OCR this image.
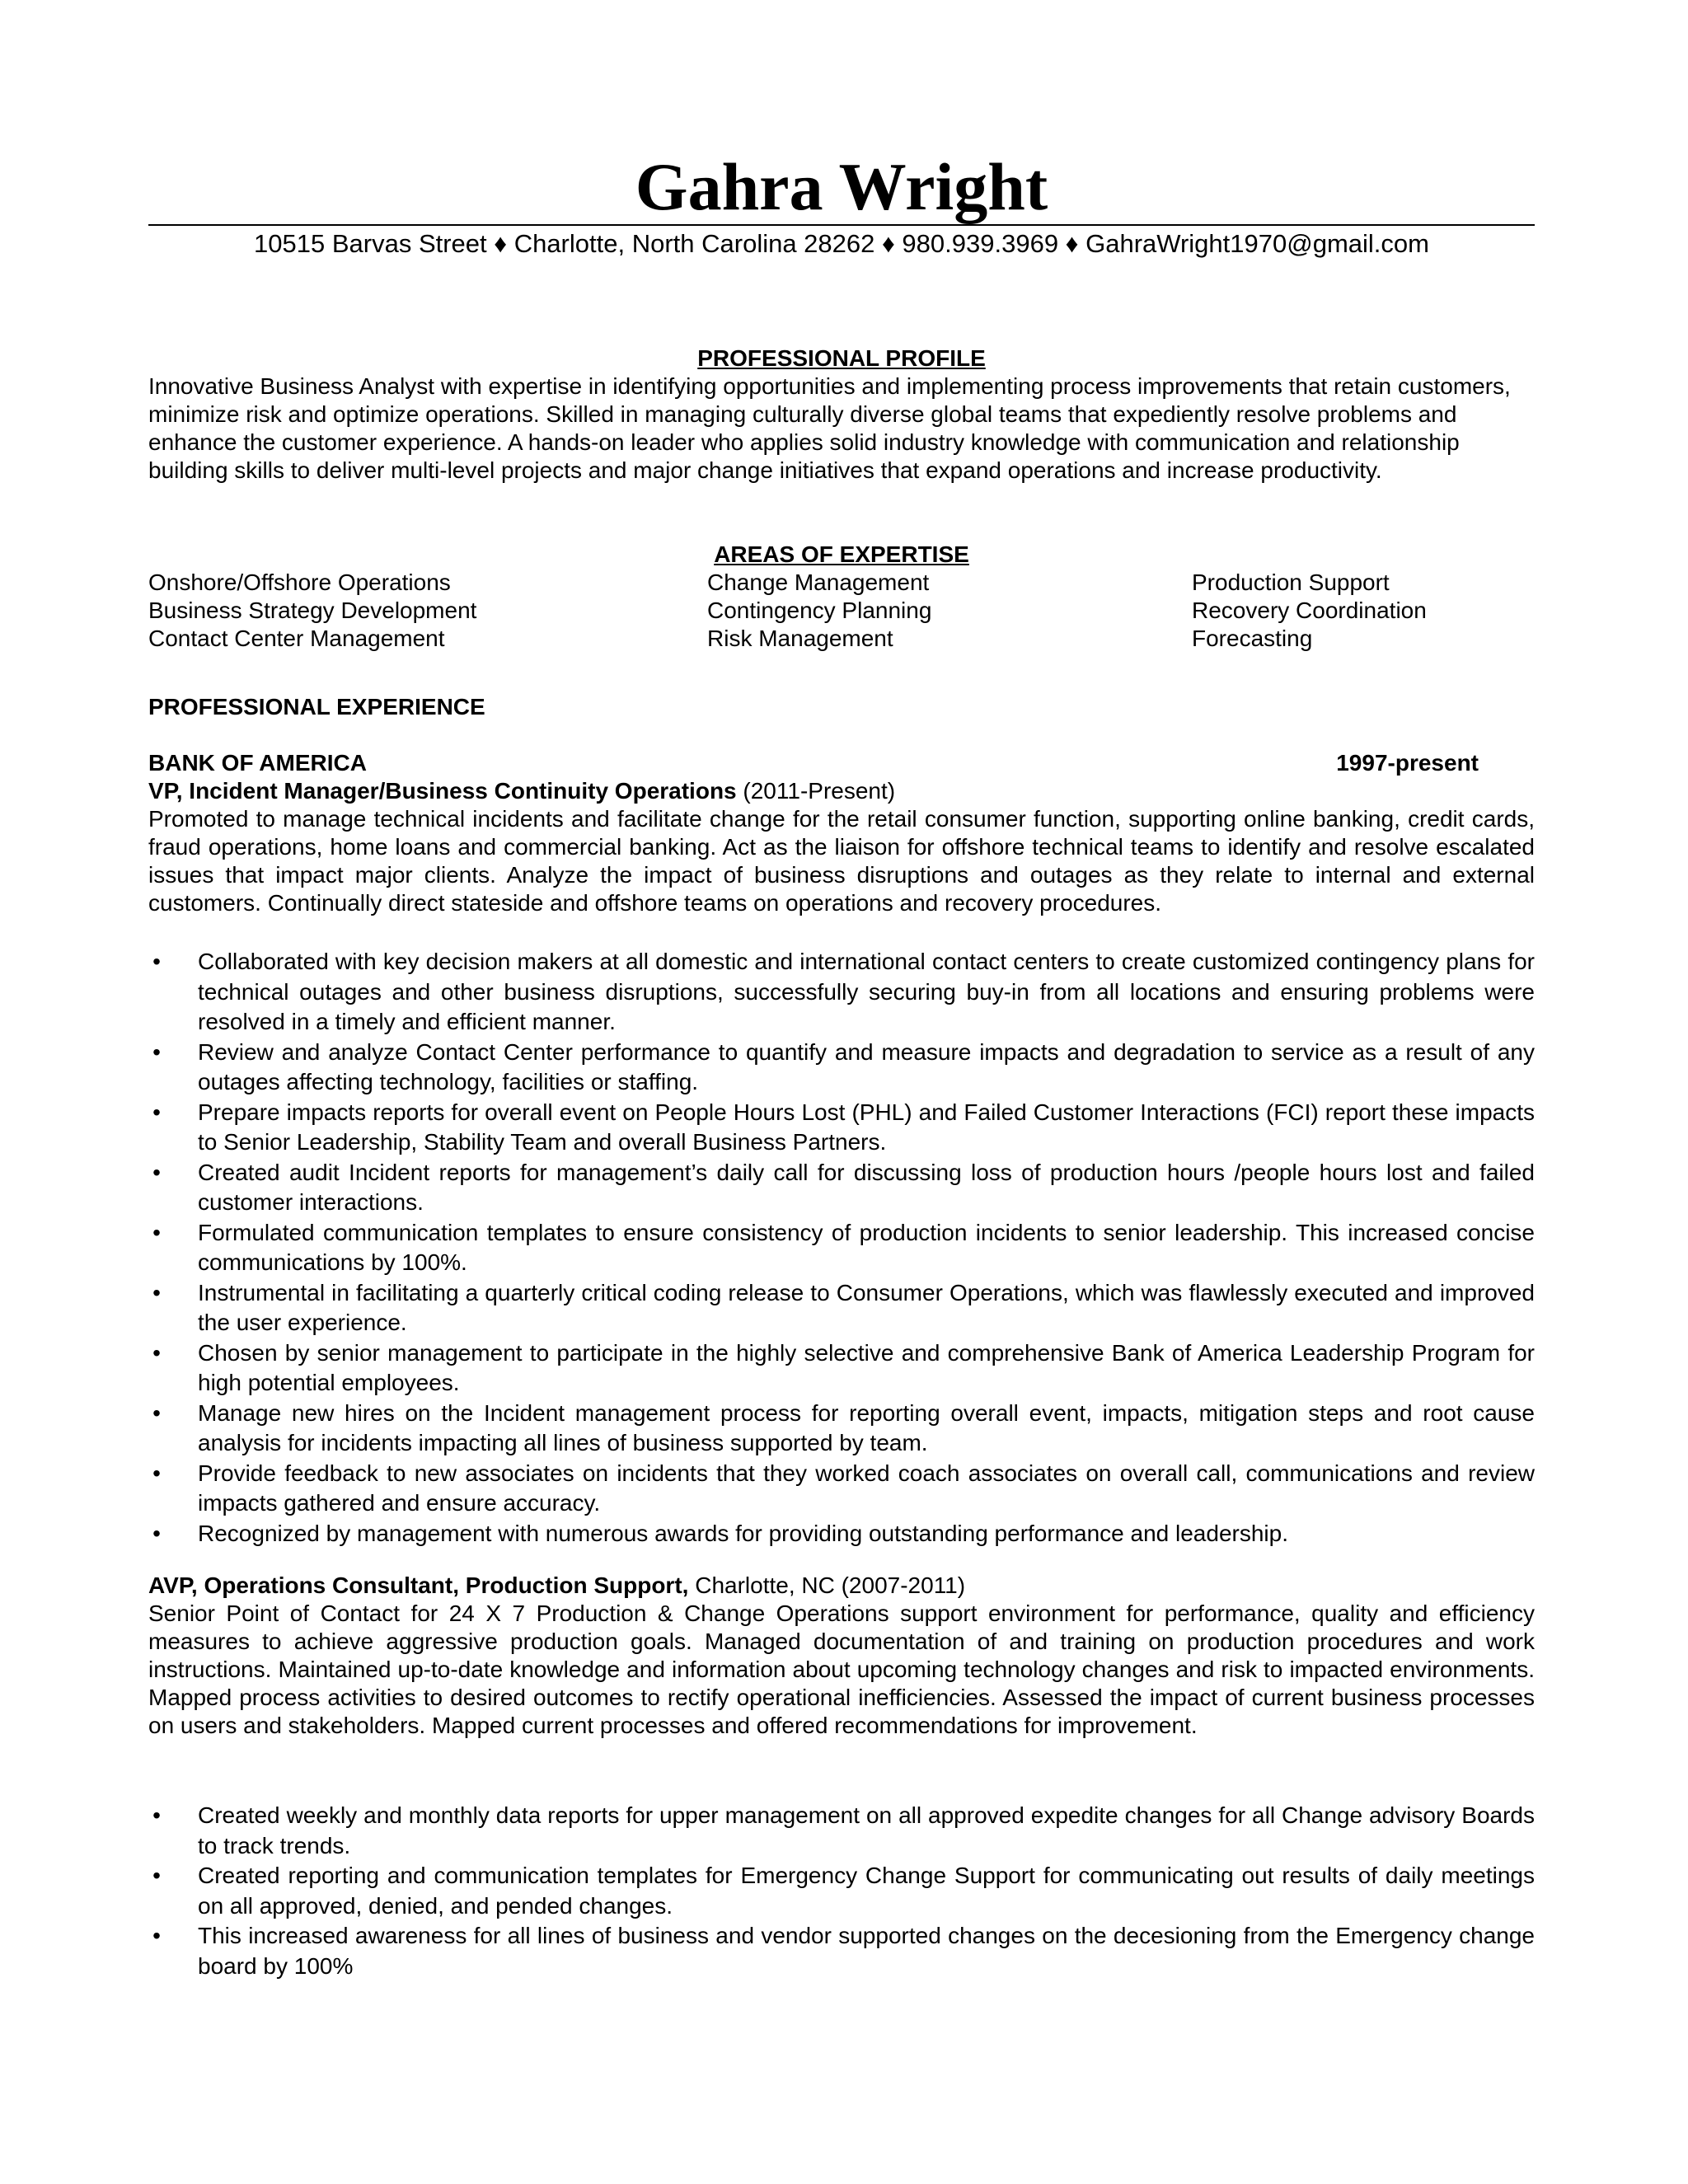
Gahra Wright
10515 Barvas Street ♦ Charlotte, North Carolina 28262 ♦ 980.939.3969 ♦ GahraWright1970@gmail.com
PROFESSIONAL PROFILE
Innovative Business Analyst with expertise in identifying opportunities and implementing process improvements that retain customers, minimize risk and optimize operations. Skilled in managing culturally diverse global teams that expediently resolve problems and enhance the customer experience. A hands-on leader who applies solid industry knowledge with communication and relationship building skills to deliver multi-level projects and major change initiatives that expand operations and increase productivity.
AREAS OF EXPERTISE
Onshore/Offshore Operations
Business Strategy Development
Contact Center Management
Change Management
Contingency Planning
Risk Management
Production Support
Recovery Coordination
Forecasting
PROFESSIONAL EXPERIENCE
BANK OF AMERICA	1997-present
VP, Incident Manager/Business Continuity Operations (2011-Present)
Promoted to manage technical incidents and facilitate change for the retail consumer function, supporting online banking, credit cards, fraud operations, home loans and commercial banking. Act as the liaison for offshore technical teams to identify and resolve escalated issues that impact major clients. Analyze the impact of business disruptions and outages as they relate to internal and external customers. Continually direct stateside and offshore teams on operations and recovery procedures.
• Collaborated with key decision makers at all domestic and international contact centers to create customized contingency plans for technical outages and other business disruptions, successfully securing buy-in from all locations and ensuring problems were resolved in a timely and efficient manner.
• Review and analyze Contact Center performance to quantify and measure impacts and degradation to service as a result of any outages affecting technology, facilities or staffing.
• Prepare impacts reports for overall event on People Hours Lost (PHL) and Failed Customer Interactions (FCI) report these impacts to Senior Leadership, Stability Team and overall Business Partners.
• Created audit Incident reports for management’s daily call for discussing loss of production hours /people hours lost and failed customer interactions.
• Formulated communication templates to ensure consistency of production incidents to senior leadership. This increased concise communications by 100%.
• Instrumental in facilitating a quarterly critical coding release to Consumer Operations, which was flawlessly executed and improved the user experience.
• Chosen by senior management to participate in the highly selective and comprehensive Bank of America Leadership Program for high potential employees.
• Manage new hires on the Incident management process for reporting overall event, impacts, mitigation steps and root cause analysis for incidents impacting all lines of business supported by team.
• Provide feedback to new associates on incidents that they worked coach associates on overall call, communications and review impacts gathered and ensure accuracy.
• Recognized by management with numerous awards for providing outstanding performance and leadership.
AVP, Operations Consultant, Production Support, Charlotte, NC (2007-2011)
Senior Point of Contact for 24 X 7 Production & Change Operations support environment for performance, quality and efficiency measures to achieve aggressive production goals. Managed documentation of and training on production procedures and work instructions. Maintained up-to-date knowledge and information about upcoming technology changes and risk to impacted environments. Mapped process activities to desired outcomes to rectify operational inefficiencies. Assessed the impact of current business processes on users and stakeholders. Mapped current processes and offered recommendations for improvement.
• Created weekly and monthly data reports for upper management on all approved expedite changes for all Change advisory Boards to track trends.
• Created reporting and communication templates for Emergency Change Support for communicating out results of daily meetings on all approved, denied, and pended changes.
• This increased awareness for all lines of business and vendor supported changes on the decesioning from the Emergency change board by 100%
